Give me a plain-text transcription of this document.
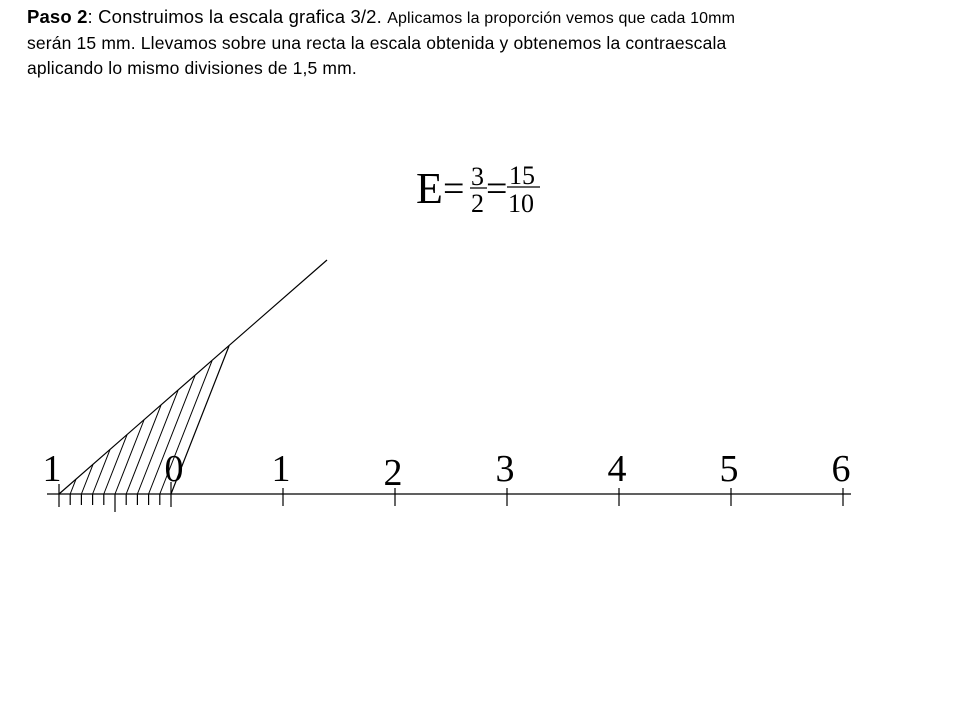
Paso 2: Construimos la escala grafica 3/2. Aplicamos la proporción vemos que cada 10mm
serán 15 mm. Llevamos sobre una recta la escala obtenida y obtenemos la contraescala
aplicando lo mismo divisiones de 1,5 mm.
E = 3
2 = 15
10
1	0 1 2 3 4 5 6
